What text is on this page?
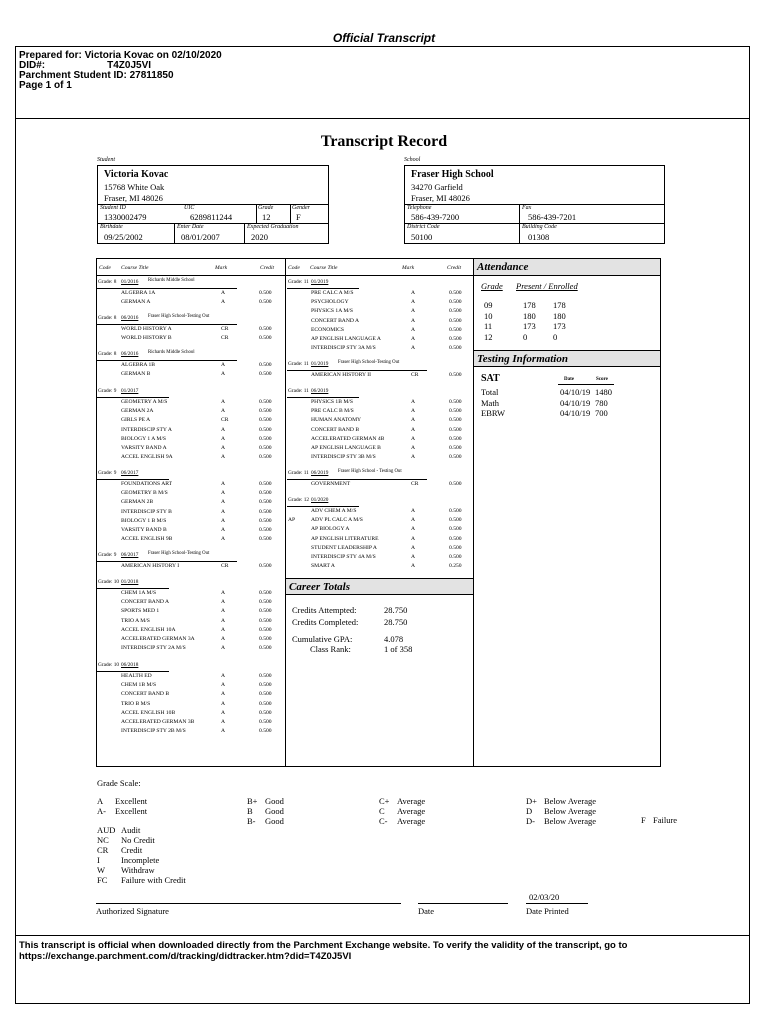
Official Transcript
Prepared for: Victoria Kovac on 02/10/2020
DID#:	T4Z0J5VI
Parchment Student ID: 27811850
Page 1 of 1
Transcript Record
Student
Victoria Kovac
15768 White Oak
Fraser, MI 48026
Student ID
1330002479
UIC
6289811244
Grade
12
Gender
F
Birthdate
09/25/2002
Enter Date
08/01/2007
Expected Graduation
2020
School
Fraser High School
34270 Garfield
Fraser, MI 48026
Telephone
586-439-7200
Fax
586-439-7201
District Code
50100
Building Code
01308
Code Course Title	Mark	Credit Code Course Title	Mark	Credit
Grade: 8 01/2016 Richards Middle School
ALGEBRA 1A	A	0.500
GERMAN A	A	0.500
Grade: 8 06/2016 Fraser High School-Testing Out
WORLD HISTORY A	CR	0.500
WORLD HISTORY B	CR	0.500
Grade: 8 06/2016 Richards Middle School
ALGEBRA 1B	A	0.500
GERMAN B	A	0.500
Grade: 9 01/2017
GEOMETRY A M/S	A	0.500
GERMAN 2A	A	0.500
GIRLS PE A	CR	0.500
INTERDISCIP STY A	A	0.500
BIOLOGY 1 A M/S	A	0.500
VARSITY BAND A	A	0.500
ACCEL ENGLISH 9A	A	0.500
Grade: 9 06/2017
FOUNDATIONS ART	A	0.500
GEOMETRY B M/S	A	0.500
GERMAN 2B	A	0.500
INTERDISCIP STY B	A	0.500
BIOLOGY 1 B M/S	A	0.500
VARSITY BAND B	A	0.500
ACCEL ENGLISH 9B	A	0.500
Grade: 9 06/2017 Fraser High School-Testing Out
AMERICAN HISTORY I	CR	0.500
Grade: 10 01/2018
CHEM 1A M/S	A	0.500
CONCERT BAND A	A	0.500
SPORTS MED 1	A	0.500
TRIO A M/S	A	0.500
ACCEL ENGLISH 10A	A	0.500
ACCELERATED GERMAN 3A	A	0.500
INTERDISCIP STY 2A M/S	A	0.500
Grade: 10 06/2018
HEALTH ED	A	0.500
CHEM 1B M/S	A	0.500
CONCERT BAND B	A	0.500
TRIO B M/S	A	0.500
ACCEL ENGLISH 10B	A	0.500
ACCELERATED GERMAN 3B	A	0.500
INTERDISCIP STY 2B M/S	A	0.500
Grade: 11 01/2019
PRE CALC A M/S	A	0.500
PSYCHOLOGY	A	0.500
PHYSICS 1A M/S	A	0.500
CONCERT BAND A	A	0.500
ECONOMICS	A	0.500
AP ENGLISH LANGUAGE A	A	0.500
INTERDISCIP STY 3A M/S	A	0.500
Grade: 11 01/2019 Fraser High School-Testing Out
AMERICAN HISTORY II	CR	0.500
Grade: 11 06/2019
PHYSICS 1B M/S	A	0.500
PRE CALC B M/S	A	0.500
HUMAN ANATOMY	A	0.500
CONCERT BAND B	A	0.500
ACCELERATED GERMAN 4B	A	0.500
AP ENGLISH LANGUAGE B	A	0.500
INTERDISCIP STY 3B M/S	A	0.500
Grade: 11 06/2019 Fraser High School - Testing Out
GOVERNMENT	CR	0.500
Grade: 12 01/2020
ADV CHEM A M/S	A	0.500
AP	ADV PL CALC A M/S	A	0.500
AP BIOLOGY A	A	0.500
AP ENGLISH LITERATURE	A	0.500
STUDENT LEADERSHIP A	A	0.500
INTERDISCIP STY 4A M/S	A	0.500
SMART A	A	0.250
Career Totals
Credits Attempted:	28.750
Credits Completed:	28.750
Cumulative GPA:	4.078
Class Rank:	1 of 358
Attendance
Grade Present / Enrolled
09	178 178
10	180 180
11	173 173
12	0	0
Testing Information
SAT	Date	Score
Total	04/10/19 1480
Math	04/10/19 780
EBRW	04/10/19 700
Grade Scale:
A Excellent
A- Excellent
B+ Good
B Good
B- Good
C+ Average
C Average
C- Average
D+ Below Average
D Below Average
D- Below Average	F Failure
AUD Audit
NC No Credit
CR Credit
I Incomplete
W Withdraw
FC Failure with Credit
Authorized Signature	Date	Date Printed
02/03/20
This transcript is official when downloaded directly from the Parchment Exchange website. To verify the validity of the transcript, go to https://exchange.parchment.com/d/tracking/didtracker.htm?did=T4Z0J5VI
